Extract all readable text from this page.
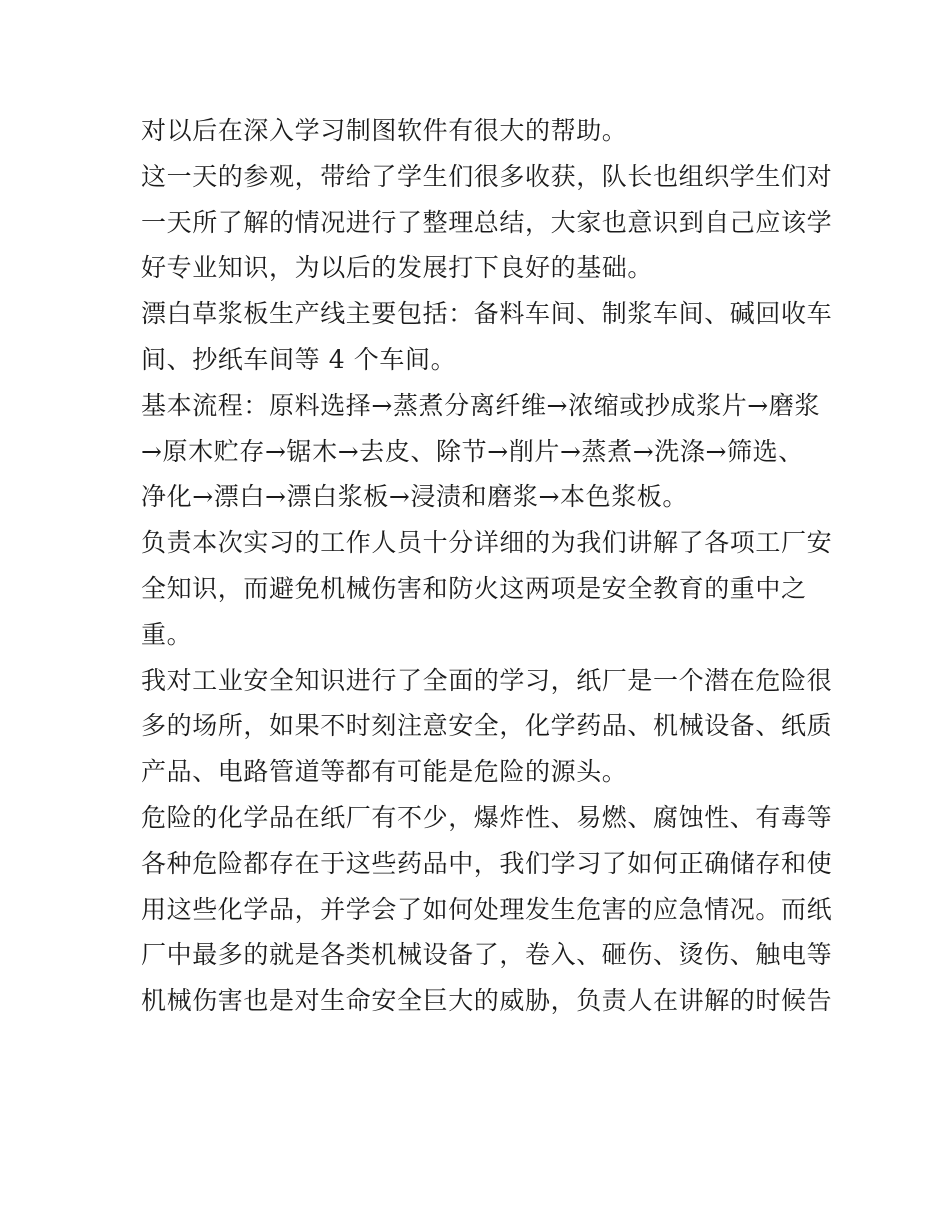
对以后在深入学习制图软件有很大的帮助。
这一天的参观，带给了学生们很多收获，队长也组织学生们对
一天所了解的情况进行了整理总结，大家也意识到自己应该学
好专业知识，为以后的发展打下良好的基础。
漂白草浆板生产线主要包括：备料车间、制浆车间、碱回收车
间、抄纸车间等 4 个车间。
基本流程：原料选择→蒸煮分离纤维→浓缩或抄成浆片→磨浆
→原木贮存→锯木→去皮、除节→削片→蒸煮→洗涤→筛选、
净化→漂白→漂白浆板→浸渍和磨浆→本色浆板。
负责本次实习的工作人员十分详细的为我们讲解了各项工厂安
全知识，而避免机械伤害和防火这两项是安全教育的重中之
重。
我对工业安全知识进行了全面的学习，纸厂是一个潜在危险很
多的场所，如果不时刻注意安全，化学药品、机械设备、纸质
产品、电路管道等都有可能是危险的源头。
危险的化学品在纸厂有不少，爆炸性、易燃、腐蚀性、有毒等
各种危险都存在于这些药品中，我们学习了如何正确储存和使
用这些化学品，并学会了如何处理发生危害的应急情况。而纸
厂中最多的就是各类机械设备了，卷入、砸伤、烫伤、触电等
机械伤害也是对生命安全巨大的威胁，负责人在讲解的时候告
